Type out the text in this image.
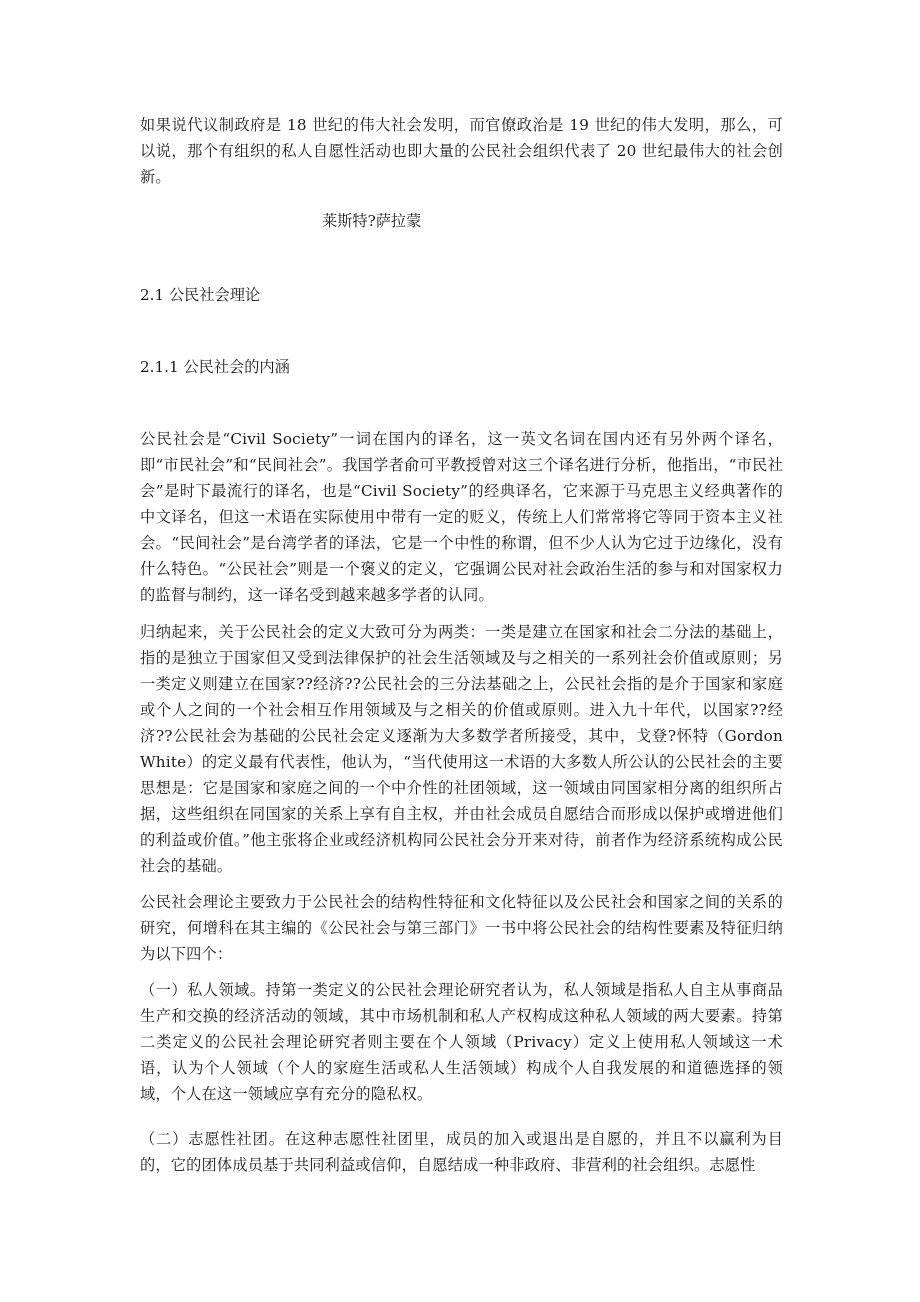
如果说代议制政府是 18 世纪的伟大社会发明，而官僚政治是 19 世纪的伟大发明，那么，可以说，那个有组织的私人自愿性活动也即大量的公民社会组织代表了 20 世纪最伟大的社会创新。

莱斯特?萨拉蒙

2.1 公民社会理论

2.1.1 公民社会的内涵

公民社会是“Civil Society”一词在国内的译名，这一英文名词在国内还有另外两个译名，即“市民社会”和“民间社会”。我国学者俞可平教授曾对这三个译名进行分析，他指出，“市民社会”是时下最流行的译名，也是“Civil Society”的经典译名，它来源于马克思主义经典著作的中文译名，但这一术语在实际使用中带有一定的贬义，传统上人们常常将它等同于资本主义社会。“民间社会”是台湾学者的译法，它是一个中性的称谓，但不少人认为它过于边缘化，没有什么特色。“公民社会”则是一个褒义的定义，它强调公民对社会政治生活的参与和对国家权力的监督与制约，这一译名受到越来越多学者的认同。

归纳起来，关于公民社会的定义大致可分为两类：一类是建立在国家和社会二分法的基础上，指的是独立于国家但又受到法律保护的社会生活领域及与之相关的一系列社会价值或原则；另一类定义则建立在国家??经济??公民社会的三分法基础之上，公民社会指的是介于国家和家庭或个人之间的一个社会相互作用领域及与之相关的价值或原则。进入九十年代，以国家??经济??公民社会为基础的公民社会定义逐渐为大多数学者所接受，其中，戈登?怀特（Gordon White）的定义最有代表性，他认为，“当代使用这一术语的大多数人所公认的公民社会的主要思想是：它是国家和家庭之间的一个中介性的社团领域，这一领域由同国家相分离的组织所占据，这些组织在同国家的关系上享有自主权，并由社会成员自愿结合而形成以保护或增进他们的利益或价值。”他主张将企业或经济机构同公民社会分开来对待，前者作为经济系统构成公民社会的基础。

公民社会理论主要致力于公民社会的结构性特征和文化特征以及公民社会和国家之间的关系的研究，何增科在其主编的《公民社会与第三部门》一书中将公民社会的结构性要素及特征归纳为以下四个：

（一）私人领域。持第一类定义的公民社会理论研究者认为，私人领域是指私人自主从事商品生产和交换的经济活动的领域，其中市场机制和私人产权构成这种私人领域的两大要素。持第二类定义的公民社会理论研究者则主要在个人领域（Privacy）定义上使用私人领域这一术语，认为个人领域（个人的家庭生活或私人生活领域）构成个人自我发展的和道德选择的领域，个人在这一领域应享有充分的隐私权。

（二）志愿性社团。在这种志愿性社团里，成员的加入或退出是自愿的，并且不以赢利为目的，它的团体成员基于共同利益或信仰，自愿结成一种非政府、非营利的社会组织。志愿性
